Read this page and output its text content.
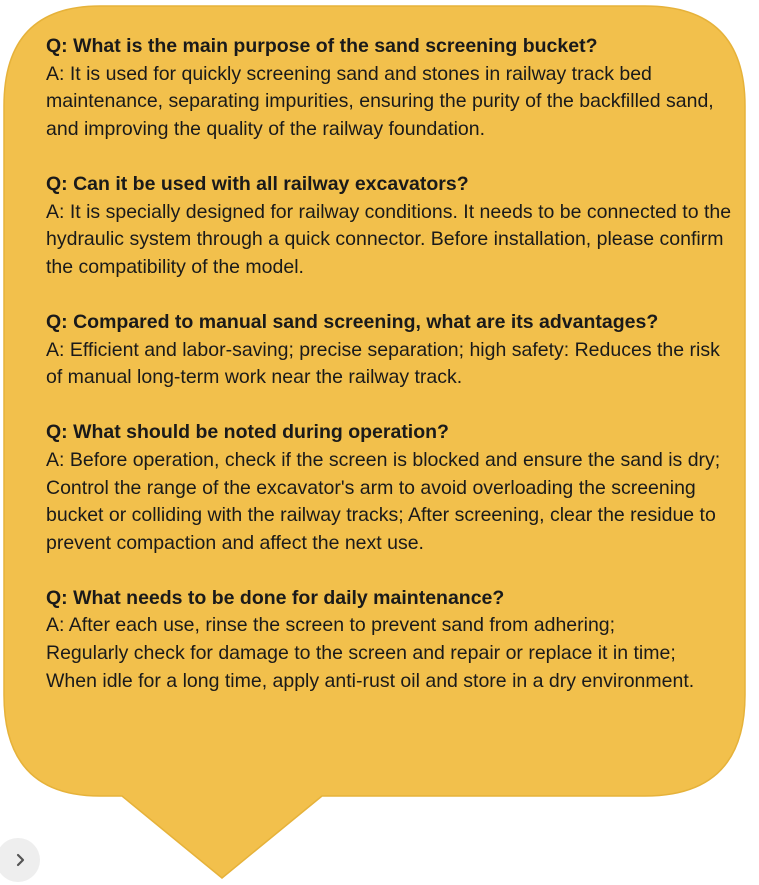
Q: What is the main purpose of the sand screening bucket?
A: It is used for quickly screening sand and stones in railway track bed maintenance, separating impurities, ensuring the purity of the backfilled sand, and improving the quality of the railway foundation.
Q: Can it be used with all railway excavators?
A: It is specially designed for railway conditions. It needs to be connected to the hydraulic system through a quick connector. Before installation, please confirm the compatibility of the model.
Q: Compared to manual sand screening, what are its advantages?
A: Efficient and labor-saving; precise separation; high safety: Reduces the risk of manual long-term work near the railway track.
Q: What should be noted during operation?
A: Before operation, check if the screen is blocked and ensure the sand is dry;
Control the range of the excavator's arm to avoid overloading the screening bucket or colliding with the railway tracks; After screening, clear the residue to prevent compaction and affect the next use.
Q: What needs to be done for daily maintenance?
A: After each use, rinse the screen to prevent sand from adhering;
Regularly check for damage to the screen and repair or replace it in time;
When idle for a long time, apply anti-rust oil and store in a dry environment.
